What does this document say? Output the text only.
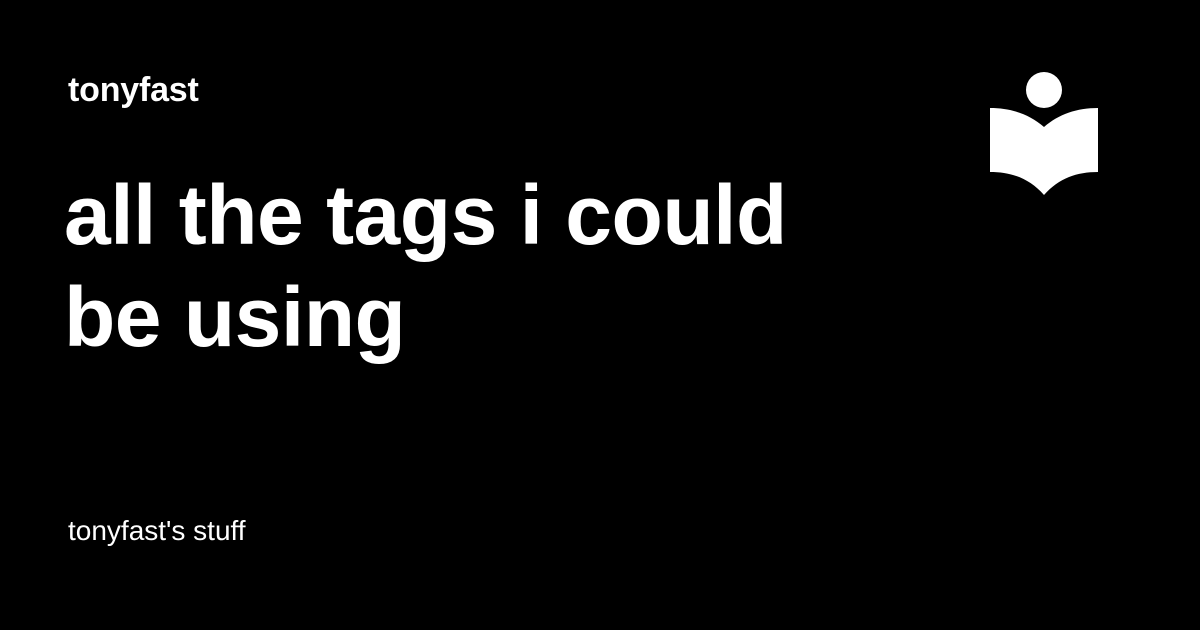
tonyfast
all the tags i could be using
tonyfast's stuff
